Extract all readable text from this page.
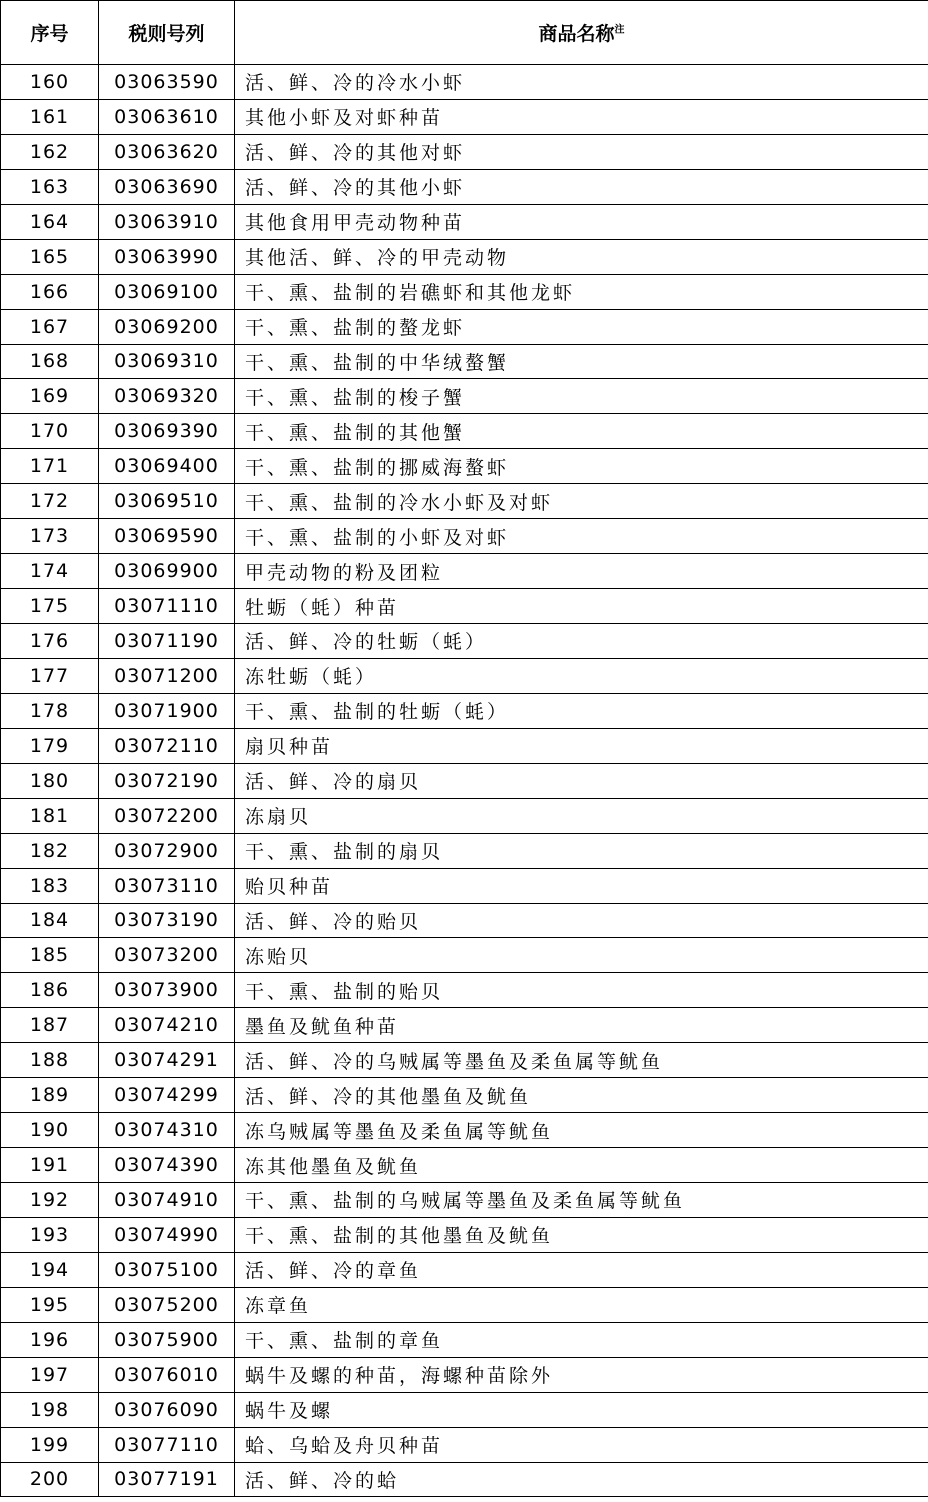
序号	税则号列	商品名称$^注$
160	03063590	活、鲜、冷的冷水小虾
161	03063610	其他小虾及对虾种苗
162	03063620	活、鲜、冷的其他对虾
163	03063690	活、鲜、冷的其他小虾
164	03063910	其他食用甲壳动物种苗
165	03063990	其他活、鲜、冷的甲壳动物
166	03069100	干、熏、盐制的岩礁虾和其他龙虾
167	03069200	干、熏、盐制的螯龙虾
168	03069310	干、熏、盐制的中华绒螯蟹
169	03069320	干、熏、盐制的梭子蟹
170	03069390	干、熏、盐制的其他蟹
171	03069400	干、熏、盐制的挪威海螯虾
172	03069510	干、熏、盐制的冷水小虾及对虾
173	03069590	干、熏、盐制的小虾及对虾
174	03069900	甲壳动物的粉及团粒
175	03071110	牡蛎（蚝）种苗
176	03071190	活、鲜、冷的牡蛎（蚝）
177	03071200	冻牡蛎（蚝）
178	03071900	干、熏、盐制的牡蛎（蚝）
179	03072110	扇贝种苗
180	03072190	活、鲜、冷的扇贝
181	03072200	冻扇贝
182	03072900	干、熏、盐制的扇贝
183	03073110	贻贝种苗
184	03073190	活、鲜、冷的贻贝
185	03073200	冻贻贝
186	03073900	干、熏、盐制的贻贝
187	03074210	墨鱼及鱿鱼种苗
188	03074291	活、鲜、冷的乌贼属等墨鱼及柔鱼属等鱿鱼
189	03074299	活、鲜、冷的其他墨鱼及鱿鱼
190	03074310	冻乌贼属等墨鱼及柔鱼属等鱿鱼
191	03074390	冻其他墨鱼及鱿鱼
192	03074910	干、熏、盐制的乌贼属等墨鱼及柔鱼属等鱿鱼
193	03074990	干、熏、盐制的其他墨鱼及鱿鱼
194	03075100	活、鲜、冷的章鱼
195	03075200	冻章鱼
196	03075900	干、熏、盐制的章鱼
197	03076010	蜗牛及螺的种苗，海螺种苗除外
198	03076090	蜗牛及螺
199	03077110	蛤、乌蛤及舟贝种苗
200	03077191	活、鲜、冷的蛤
